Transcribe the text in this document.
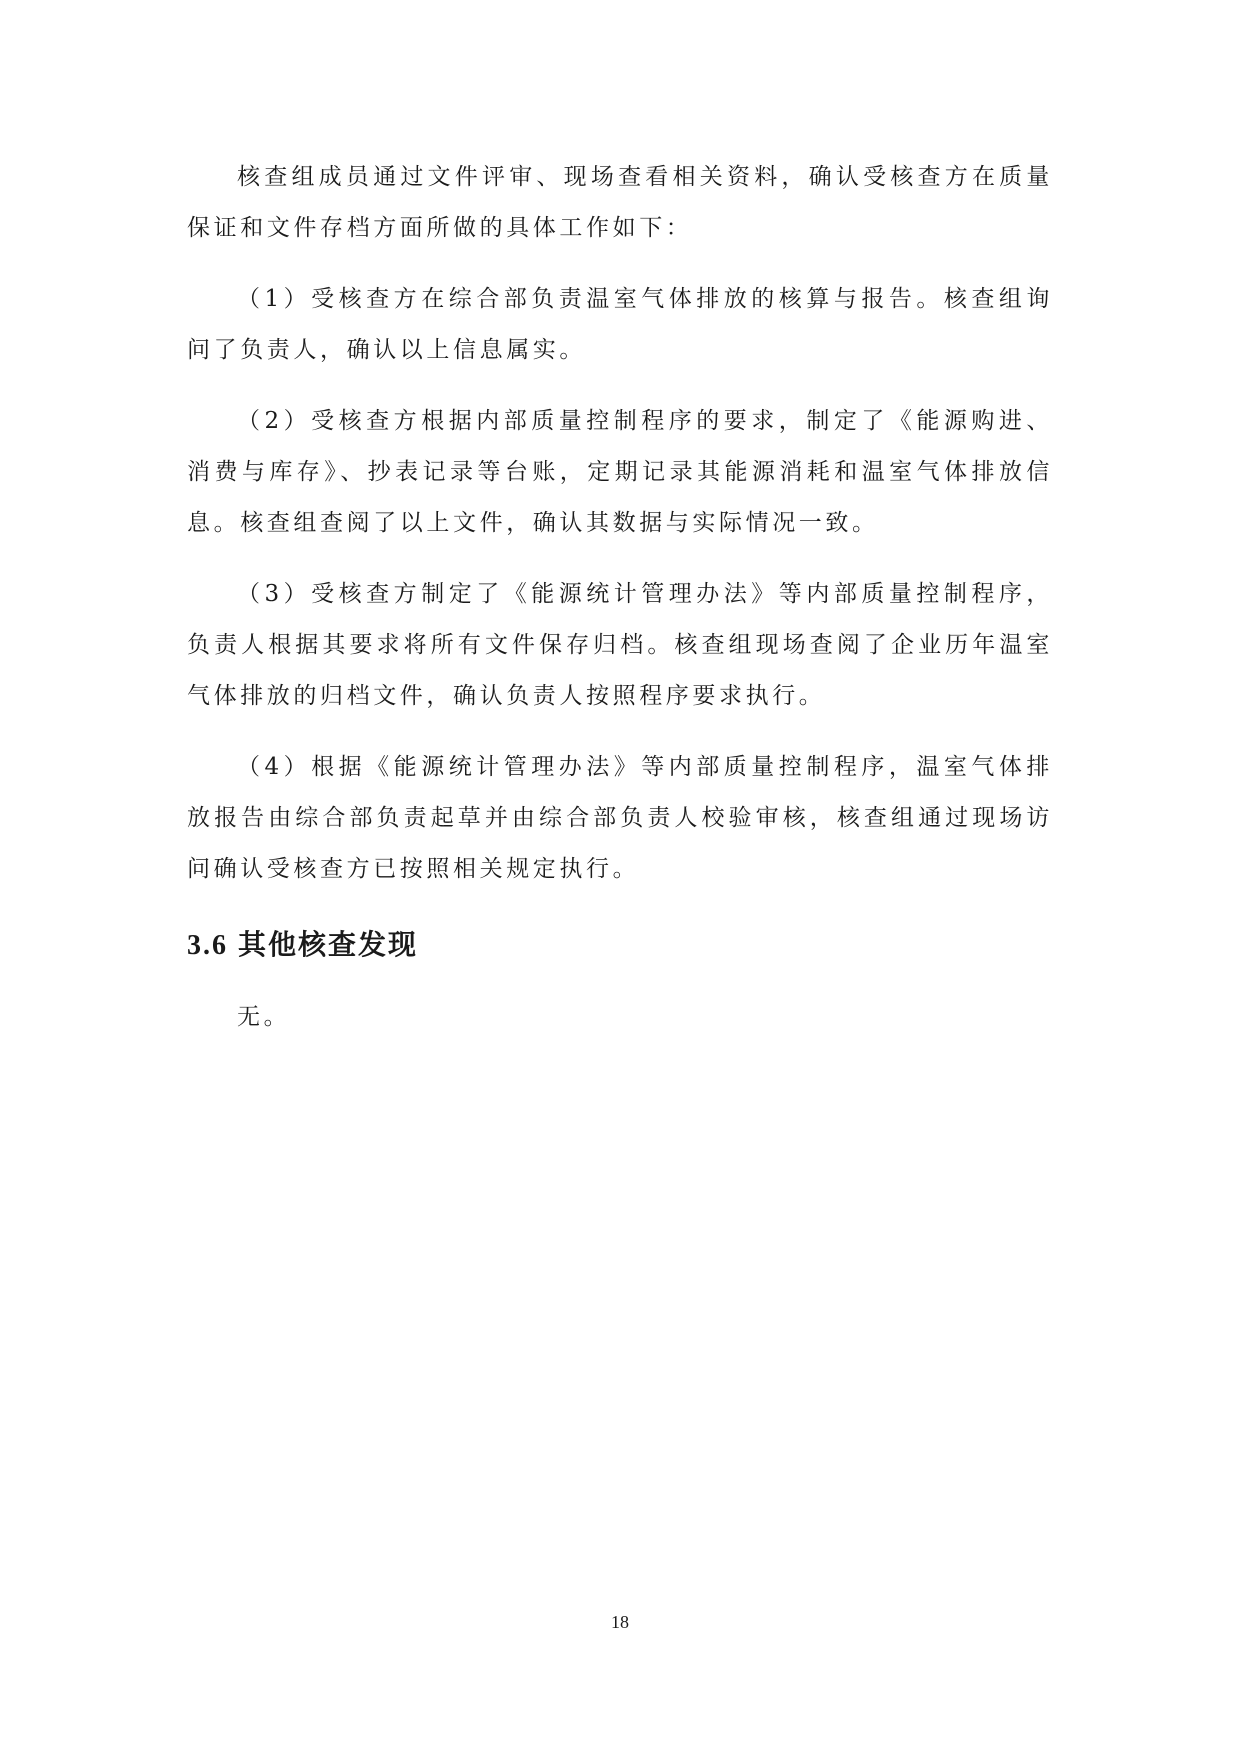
核查组成员通过文件评审、现场查看相关资料，确认受核查方在质量保证和文件存档方面所做的具体工作如下：

（1）受核查方在综合部负责温室气体排放的核算与报告。核查组询问了负责人，确认以上信息属实。

（2）受核查方根据内部质量控制程序的要求，制定了《能源购进、消费与库存》、抄表记录等台账，定期记录其能源消耗和温室气体排放信息。核查组查阅了以上文件，确认其数据与实际情况一致。

（3）受核查方制定了《能源统计管理办法》等内部质量控制程序，负责人根据其要求将所有文件保存归档。核查组现场查阅了企业历年温室气体排放的归档文件，确认负责人按照程序要求执行。

（4）根据《能源统计管理办法》等内部质量控制程序，温室气体排放报告由综合部负责起草并由综合部负责人校验审核，核查组通过现场访问确认受核查方已按照相关规定执行。

3.6 其他核查发现

无。

18
